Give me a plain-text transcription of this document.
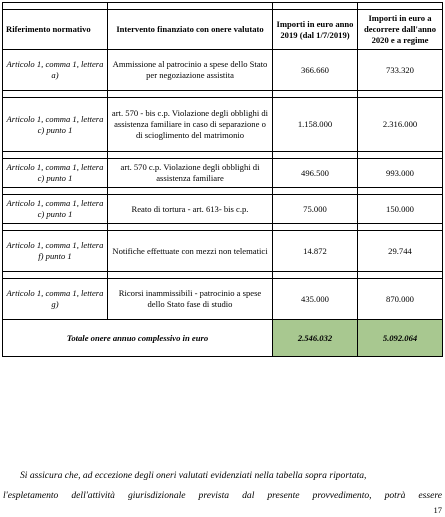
Riferimento normativo	Intervento finanziato con onere valutato	Importi in euro anno 2019 (dal 1/7/2019)	Importi in euro a decorrere dall'anno 2020 e a regime
Articolo 1, comma 1, lettera a)	Ammissione al patrocinio a spese dello Stato per negoziazione assistita	366.660	733.320

Articolo 1, comma 1, lettera c) punto 1	art. 570 - bis c.p. Violazione degli obblighi di assistenza familiare in caso di separazione o di scioglimento del matrimonio	1.158.000	2.316.000

Articolo 1, comma 1, lettera c) punto 1	art. 570 c.p. Violazione degli obblighi di assistenza familiare	496.500	993.000

Articolo 1, comma 1, lettera c) punto 1	Reato di tortura - art. 613- bis c.p.	75.000	150.000

Articolo 1, comma 1, lettera f) punto 1	Notifiche effettuate con mezzi non telematici	14.872	29.744

Articolo 1, comma 1, lettera g)	Ricorsi inammissibili - patrocinio a spese dello Stato fase di studio	435.000	870.000
Totale onere annuo complessivo in euro		2.546.032	5.092.064

Si assicura che, ad eccezione degli oneri valutati evidenziati nella tabella sopra riportata,

l'espletamento dell'attività giurisdizionale prevista dal presente provvedimento, potrà essere

17
